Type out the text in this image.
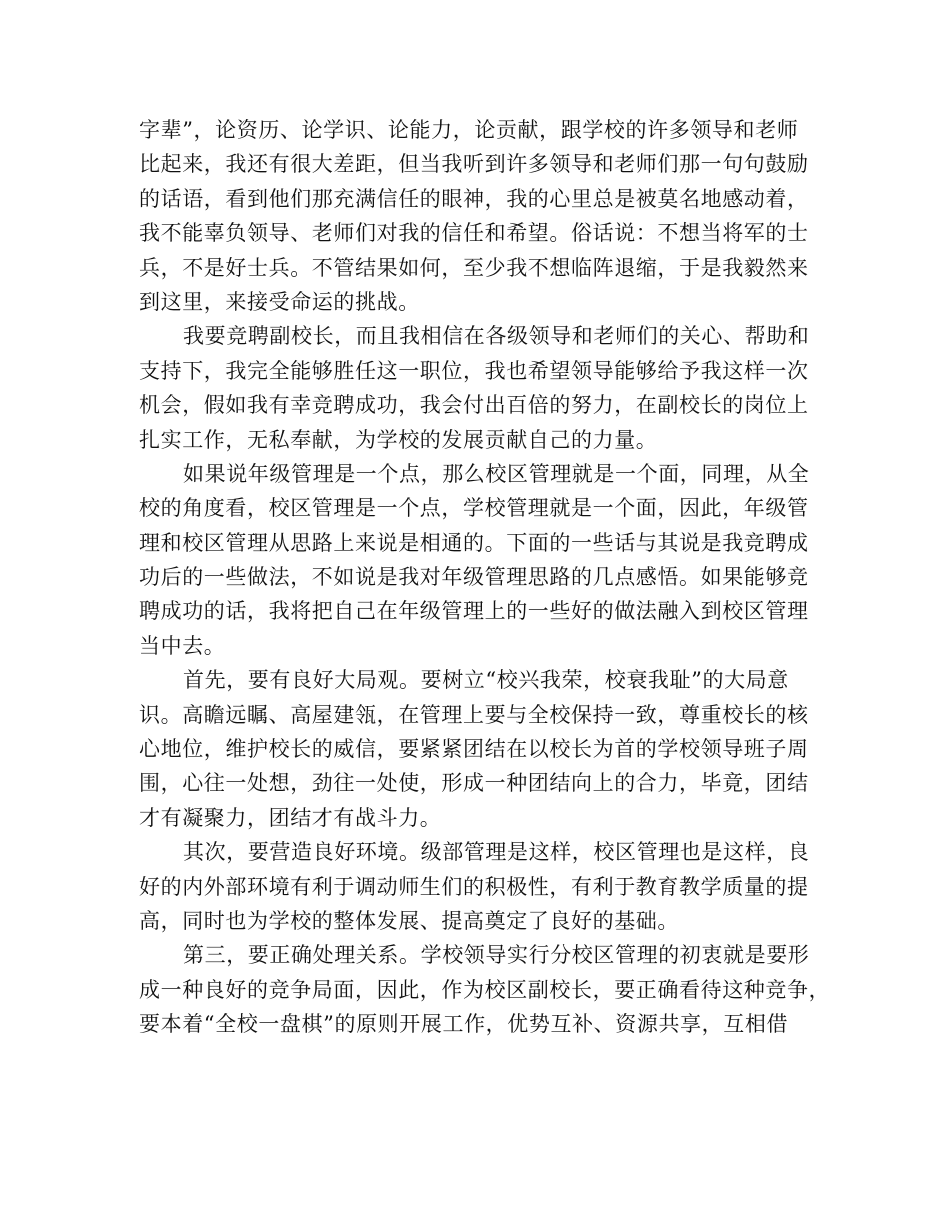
字辈”，论资历、论学识、论能力，论贡献，跟学校的许多领导和老师
比起来，我还有很大差距，但当我听到许多领导和老师们那一句句鼓励
的话语，看到他们那充满信任的眼神，我的心里总是被莫名地感动着，
我不能辜负领导、老师们对我的信任和希望。俗话说：不想当将军的士
兵，不是好士兵。不管结果如何，至少我不想临阵退缩，于是我毅然来
到这里，来接受命运的挑战。
我要竞聘副校长，而且我相信在各级领导和老师们的关心、帮助和
支持下，我完全能够胜任这一职位，我也希望领导能够给予我这样一次
机会，假如我有幸竞聘成功，我会付出百倍的努力，在副校长的岗位上
扎实工作，无私奉献，为学校的发展贡献自己的力量。
如果说年级管理是一个点，那么校区管理就是一个面，同理，从全
校的角度看，校区管理是一个点，学校管理就是一个面，因此，年级管
理和校区管理从思路上来说是相通的。下面的一些话与其说是我竞聘成
功后的一些做法，不如说是我对年级管理思路的几点感悟。如果能够竞
聘成功的话，我将把自己在年级管理上的一些好的做法融入到校区管理
当中去。
首先，要有良好大局观。要树立“校兴我荣，校衰我耻”的大局意
识。高瞻远瞩、高屋建瓴，在管理上要与全校保持一致，尊重校长的核
心地位，维护校长的威信，要紧紧团结在以校长为首的学校领导班子周
围，心往一处想，劲往一处使，形成一种团结向上的合力，毕竟，团结
才有凝聚力，团结才有战斗力。
其次，要营造良好环境。级部管理是这样，校区管理也是这样，良
好的内外部环境有利于调动师生们的积极性，有利于教育教学质量的提
高，同时也为学校的整体发展、提高奠定了良好的基础。
第三，要正确处理关系。学校领导实行分校区管理的初衷就是要形
成一种良好的竞争局面，因此，作为校区副校长，要正确看待这种竞争，
要本着“全校一盘棋”的原则开展工作，优势互补、资源共享，互相借
